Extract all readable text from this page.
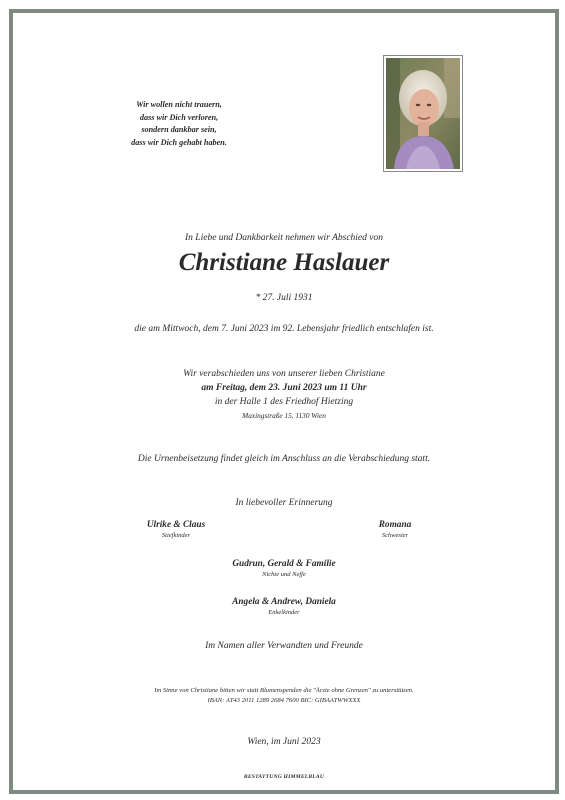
Wir wollen nicht trauern,
dass wir Dich verloren,
sondern dankbar sein,
dass wir Dich gehabt haben.
In Liebe und Dankbarkeit nehmen wir Abschied von
Christiane Haslauer
* 27. Juli 1931
die am Mittwoch, dem 7. Juni 2023 im 92. Lebensjahr friedlich entschlafen ist.
Wir verabschieden uns von unserer lieben Christiane
am Freitag, dem 23. Juni 2023 um 11 Uhr
in der Halle 1 des Friedhof Hietzing
Maxingstraße 15, 1130 Wien
Die Urnenbeisetzung findet gleich im Anschluss an die Verabschiedung statt.
In liebevoller Erinnerung
Ulrike & Claus
Stiefkinder
Romana
Schwester
Gudrun, Gerald & Familie
Nichte und Neffe
Angela & Andrew, Daniela
Enkelkinder
Im Namen aller Verwandten und Freunde
Im Sinne von Christiane bitten wir statt Blumenspenden die "Ärzte ohne Grenzen" zu unterstützen.
IBAN: AT43 2011 1289 2684 7600 BIC: GIBAATWWXXX
Wien, im Juni 2023
BESTATTUNG HIMMELBLAU
